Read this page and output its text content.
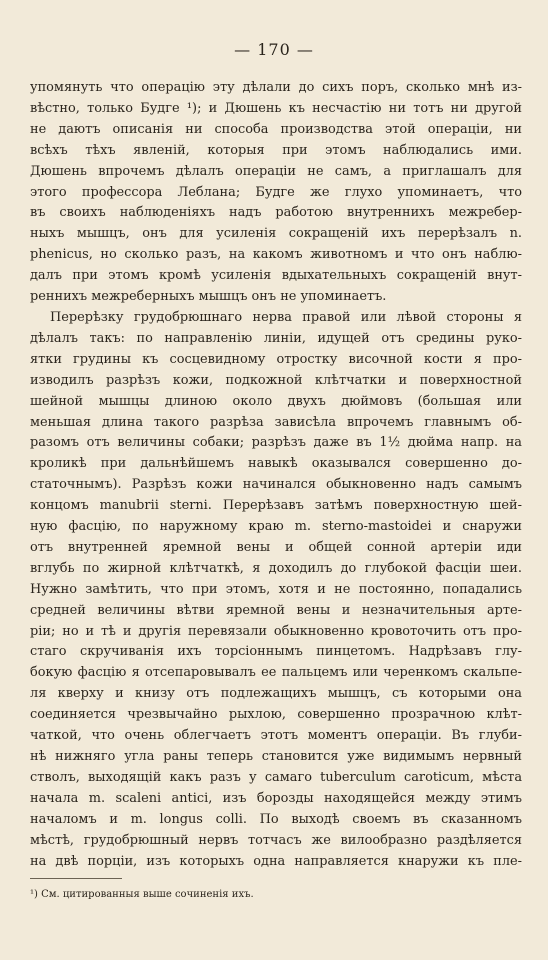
— 170 —
упомянуть что операцію эту дѣлали до сихъ поръ, сколько мнѣ из-
вѣстно, только Будге ¹); и Дюшень къ несчастію ни тотъ ни другой
не даютъ описанія ни способа производства этой операціи, ни
всѣхъ тѣхъ явленій, которыя при этомъ наблюдались ими.
Дюшень впрочемъ дѣлалъ операціи не самъ, а приглашалъ для
этого профессора Леблана; Будге же глухо упоминаетъ, что
въ своихъ наблюденіяхъ надъ работою внутреннихъ межребер-
ныхъ мышцъ, онъ для усиленія сокращеній ихъ перерѣзалъ n.
phenicus, но сколько разъ, на какомъ животномъ и что онъ наблю-
далъ при этомъ кромѣ усиленія вдыхательныхъ сокращеній внут-
реннихъ межреберныхъ мышцъ онъ не упоминаетъ.
Перерѣзку грудобрюшнаго нерва правой или лѣвой стороны я
дѣлалъ такъ: по направленію линіи, идущей отъ средины руко-
ятки грудины къ сосцевидному отростку височной кости я про-
изводилъ разрѣзъ кожи, подкожной клѣтчатки и поверхностной
шейной мышцы длиною около двухъ дюймовъ (большая или
меньшая длина такого разрѣза зависѣла впрочемъ главнымъ об-
разомъ отъ величины собаки; разрѣзъ даже въ 1½ дюйма напр. на
кроликѣ при дальнѣйшемъ навыкѣ оказывался совершенно до-
статочнымъ). Разрѣзъ кожи начинался обыкновенно надъ самымъ
концомъ manubrii sterni. Перерѣзавъ затѣмъ поверхностную шей-
ную фасцію, по наружному краю m. sterno-mastoidei и снаружи
отъ внутренней яремной вены и общей сонной артеріи иди
вглубь по жирной клѣтчаткѣ, я доходилъ до глубокой фасціи шеи.
Нужно замѣтить, что при этомъ, хотя и не постоянно, попадались
средней величины вѣтви яремной вены и незначительныя арте-
ріи; но и тѣ и другія перевязали обыкновенно кровоточить отъ про-
стаго скручиванія ихъ торсіоннымъ пинцетомъ. Надрѣзавъ глу-
бокую фасцію я отсепаровывалъ ее пальцемъ или черенкомъ скальпе-
ля кверху и книзу отъ подлежащихъ мышцъ, съ которыми она
соединяется чрезвычайно рыхлою, совершенно прозрачною клѣт-
чаткой, что очень облегчаетъ этотъ моментъ операціи. Въ глуби-
нѣ нижняго угла раны теперь становится уже видимымъ нервный
стволъ, выходящій какъ разъ у самаго tuberculum caroticum, мѣста
начала m. scaleni antici, изъ борозды находящейся между этимъ
началомъ и m. longus colli. По выходѣ своемъ въ сказанномъ
мѣстѣ, грудобрюшный нервъ тотчасъ же вилообразно раздѣляется
на двѣ порціи, изъ которыхъ одна направляется кнаружи къ пле-
¹) См. цитированныя выше сочиненія ихъ.
